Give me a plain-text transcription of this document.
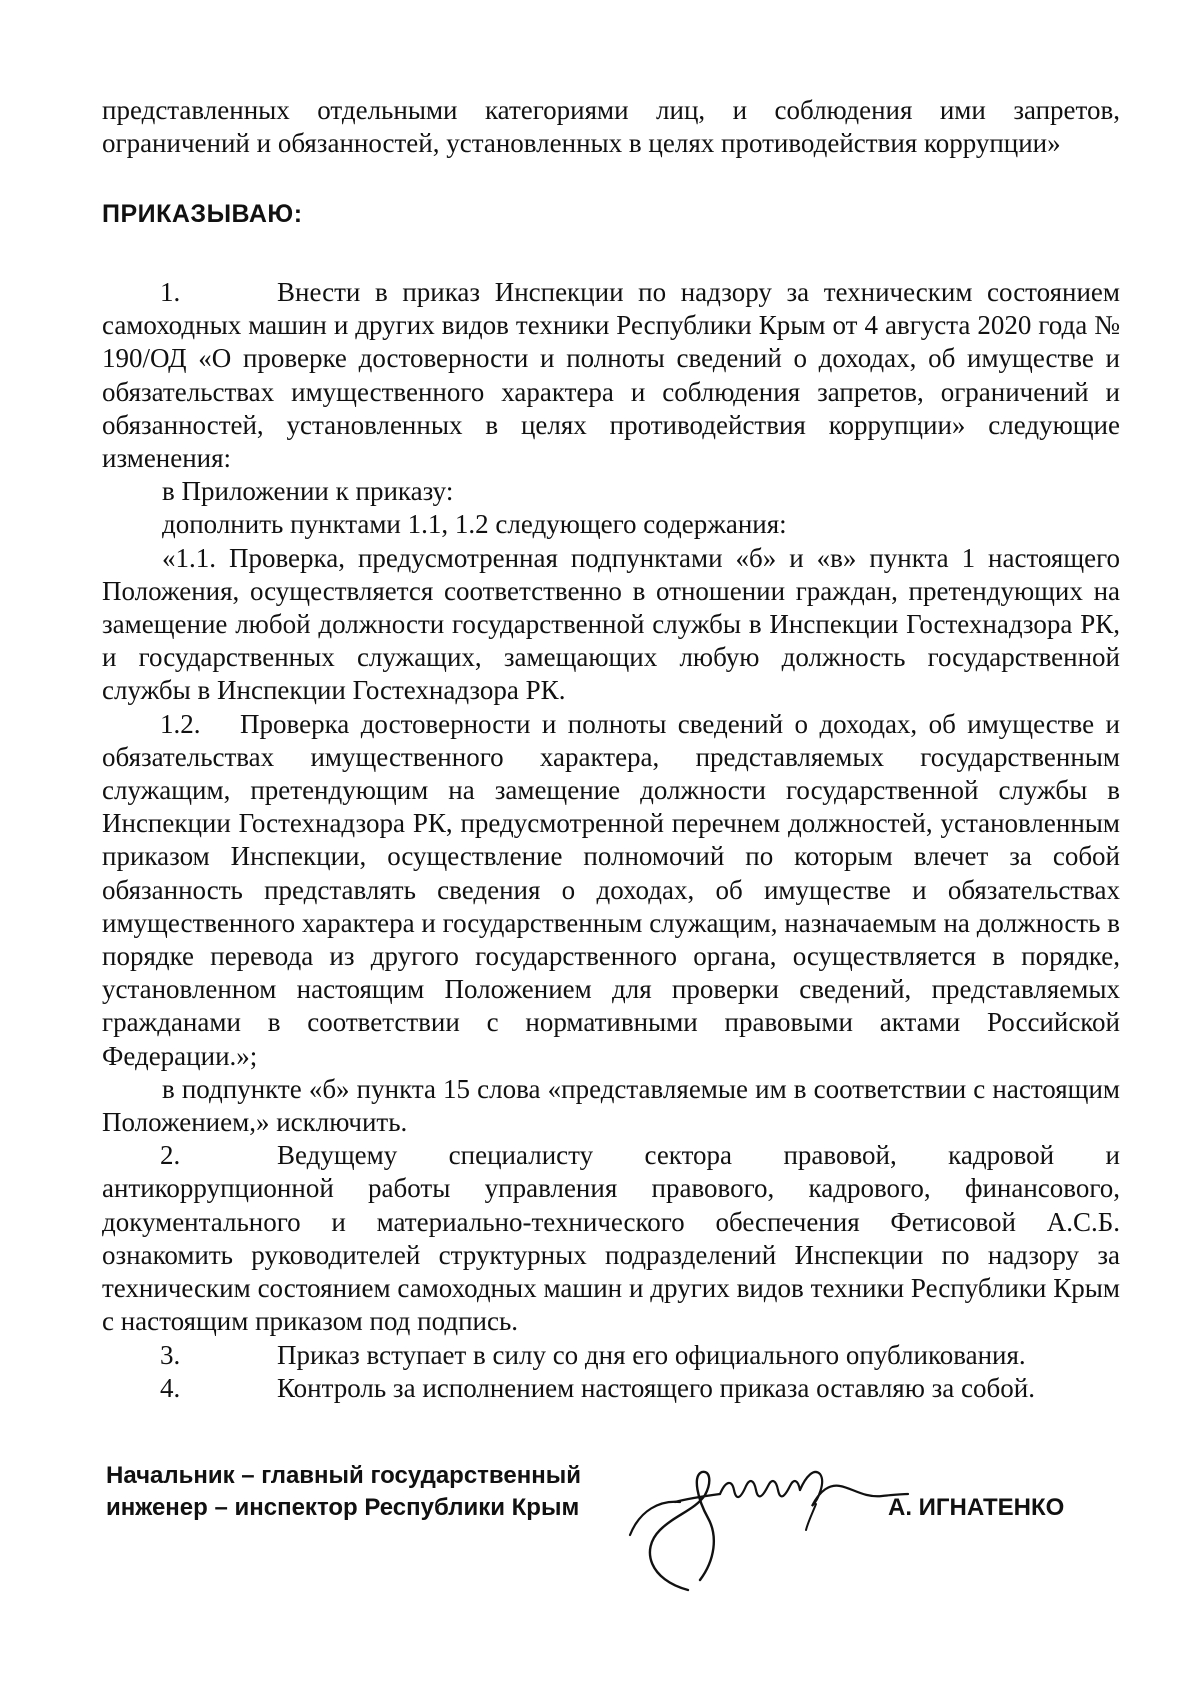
представленных отдельными категориями лиц, и соблюдения ими запретов, ограничений и обязанностей, установленных в целях противодействия коррупции»

ПРИКАЗЫВАЮ:

1.	Внести в приказ Инспекции по надзору за техническим состоянием самоходных машин и других видов техники Республики Крым от 4 августа 2020 года № 190/ОД «О проверке достоверности и полноты сведений о доходах, об имуществе и обязательствах имущественного характера и соблюдения запретов, ограничений и обязанностей, установленных в целях противодействия коррупции» следующие изменения:

в Приложении к приказу:

дополнить пунктами 1.1, 1.2 следующего содержания:

«1.1. Проверка, предусмотренная подпунктами «б» и «в» пункта 1 настоящего Положения, осуществляется соответственно в отношении граждан, претендующих на замещение любой должности государственной службы в Инспекции Гостехнадзора РК, и государственных служащих, замещающих любую должность государственной службы в Инспекции Гостехнадзора РК.

1.2. Проверка достоверности и полноты сведений о доходах, об имуществе и обязательствах имущественного характера, представляемых государственным служащим, претендующим на замещение должности государственной службы в Инспекции Гостехнадзора РК, предусмотренной перечнем должностей, установленным приказом Инспекции, осуществление полномочий по которым влечет за собой обязанность представлять сведения о доходах, об имуществе и обязательствах имущественного характера и государственным служащим, назначаемым на должность в порядке перевода из другого государственного органа, осуществляется в порядке, установленном настоящим Положением для проверки сведений, представляемых гражданами в соответствии с нормативными правовыми актами Российской Федерации.»;

в подпункте «б» пункта 15 слова «представляемые им в соответствии с настоящим Положением,» исключить.

2.	Ведущему специалисту сектора правовой, кадровой и антикоррупционной работы управления правового, кадрового, финансового, документального и материально-технического обеспечения Фетисовой А.С.Б. ознакомить руководителей структурных подразделений Инспекции по надзору за техническим состоянием самоходных машин и других видов техники Республики Крым с настоящим приказом под подпись.

3.	Приказ вступает в силу со дня его официального опубликования.

4.	Контроль за исполнением настоящего приказа оставляю за собой.

Начальник – главный государственный
инженер – инспектор Республики Крым	А. ИГНАТЕНКО
